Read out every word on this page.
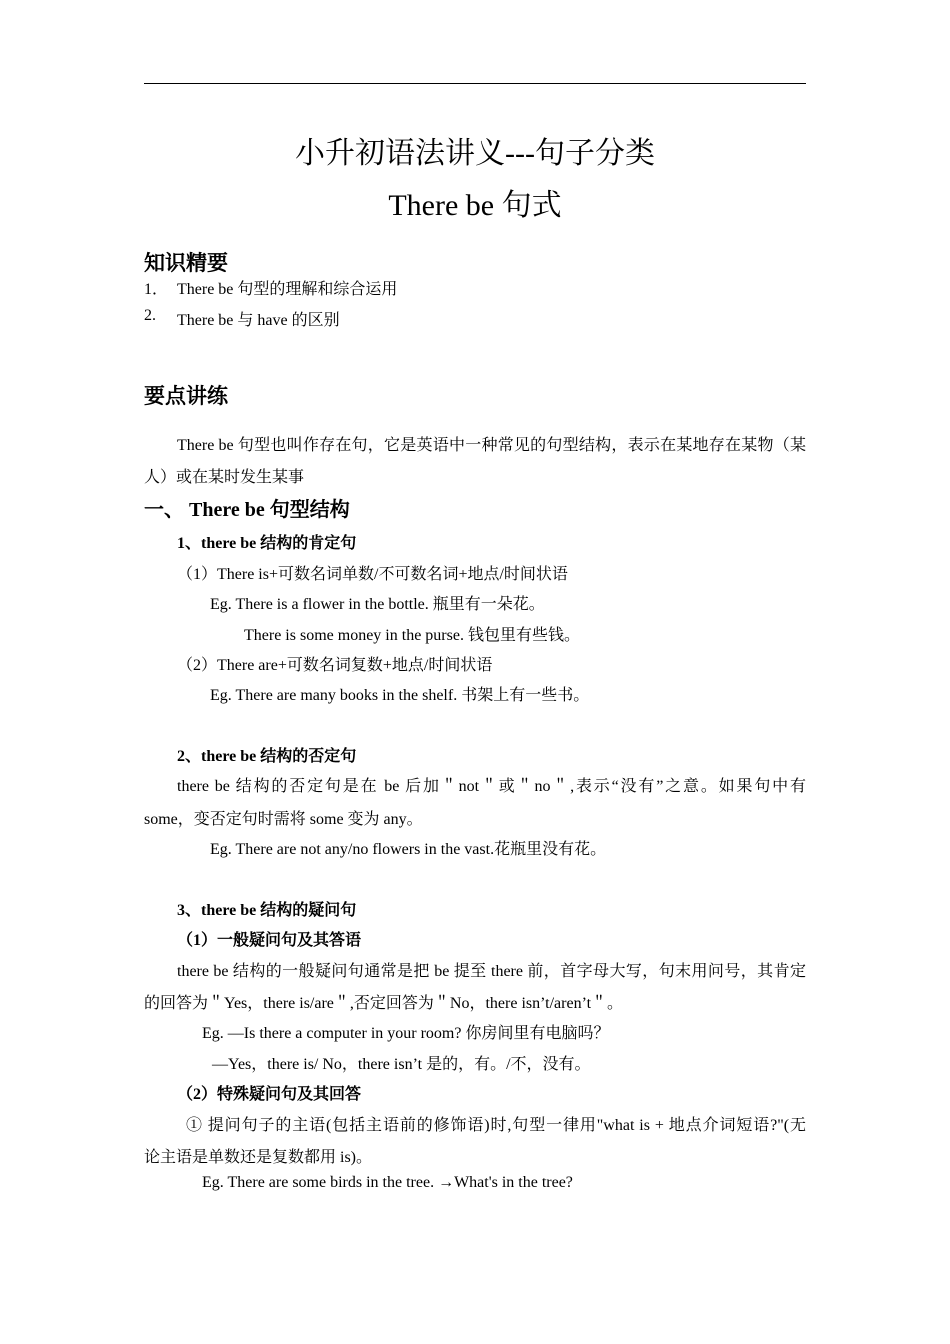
小升初语法讲义---句子分类
There be 句式
知识精要
1． There be 句型的理解和综合运用
2. There be 与 have 的区别
要点讲练
There be 句型也叫作存在句，它是英语中一种常见的句型结构，表示在某地存在某物（某
人）或在某时发生某事
一、 There be 句型结构
1、there be 结构的肯定句
（1）There is+可数名词单数/不可数名词+地点/时间状语
Eg. There is a flower in the bottle. 瓶里有一朵花。
There is some money in the purse. 钱包里有些钱。
（2）There are+可数名词复数+地点/时间状语
Eg. There are many books in the shelf. 书架上有一些书。
2、there be 结构的否定句
there be 结构的否定句是在 be 后加＂not＂或＂no＂,表示“没有”之意。如果句中有
some，变否定句时需将 some 变为 any。
Eg. There are not any/no flowers in the vast.花瓶里没有花。
3、there be 结构的疑问句
（1）一般疑问句及其答语
there be 结构的一般疑问句通常是把 be 提至 there 前，首字母大写，句末用问号，其肯定
的回答为＂Yes，there is/are＂,否定回答为＂No，there isn’t/aren’t＂。
Eg. —Is there a computer in your room? 你房间里有电脑吗？
—Yes，there is/ No，there isn’t 是的，有。/不，没有。
（2）特殊疑问句及其回答
① 提问句子的主语(包括主语前的修饰语)时,句型一律用"what is + 地点介词短语?"(无
论主语是单数还是复数都用 is)。
Eg. There are some birds in the tree. →What's in the tree?
